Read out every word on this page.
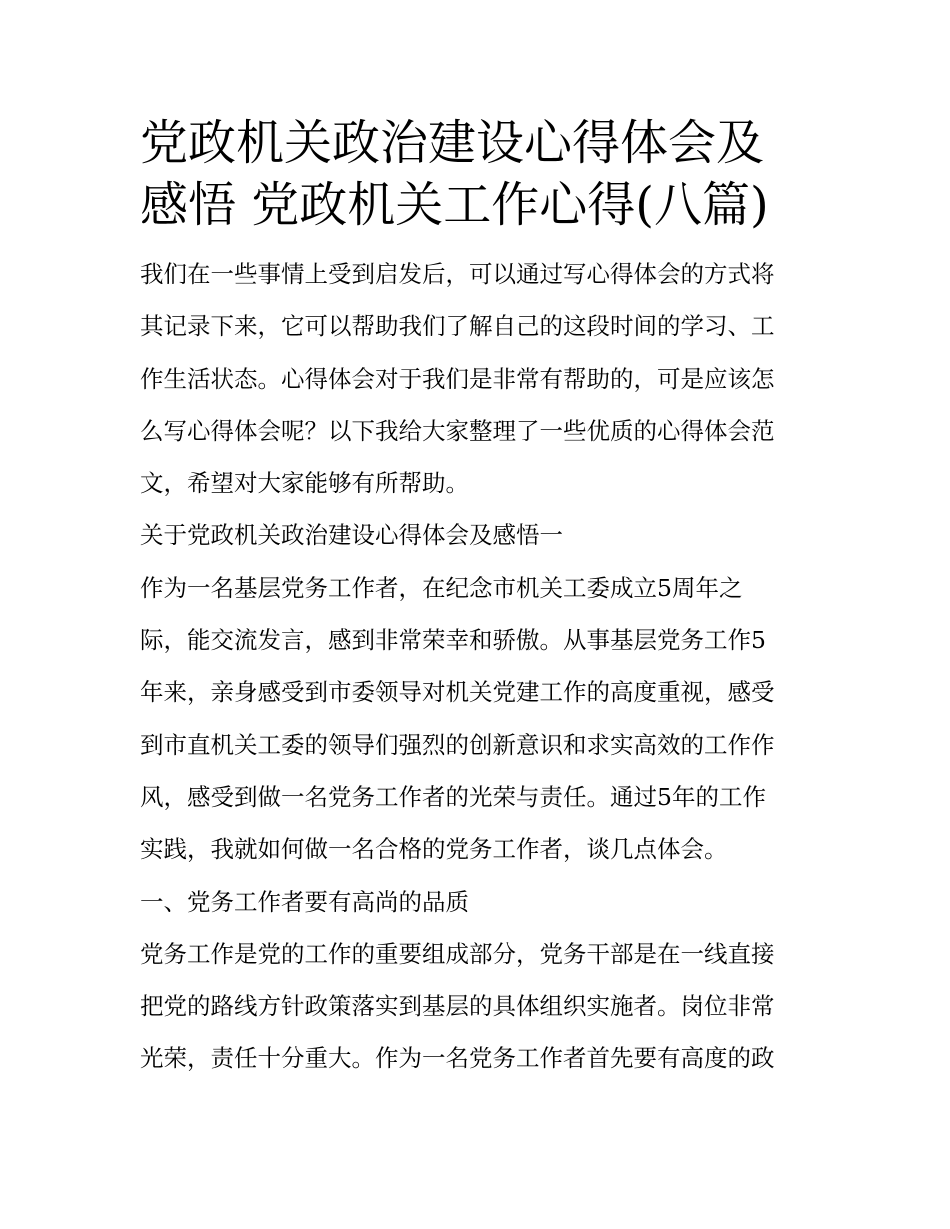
党政机关政治建设心得体会及
感悟 党政机关工作心得(八篇)

我们在一些事情上受到启发后，可以通过写心得体会的方式将
其记录下来，它可以帮助我们了解自己的这段时间的学习、工
作生活状态。心得体会对于我们是非常有帮助的，可是应该怎
么写心得体会呢？以下我给大家整理了一些优质的心得体会范
文，希望对大家能够有所帮助。

关于党政机关政治建设心得体会及感悟一

作为一名基层党务工作者，在纪念市机关工委成立5周年之
际，能交流发言，感到非常荣幸和骄傲。从事基层党务工作5
年来，亲身感受到市委领导对机关党建工作的高度重视，感受
到市直机关工委的领导们强烈的创新意识和求实高效的工作作
风，感受到做一名党务工作者的光荣与责任。通过5年的工作
实践，我就如何做一名合格的党务工作者，谈几点体会。

一、党务工作者要有高尚的品质

党务工作是党的工作的重要组成部分，党务干部是在一线直接
把党的路线方针政策落实到基层的具体组织实施者。岗位非常
光荣，责任十分重大。作为一名党务工作者首先要有高度的政
